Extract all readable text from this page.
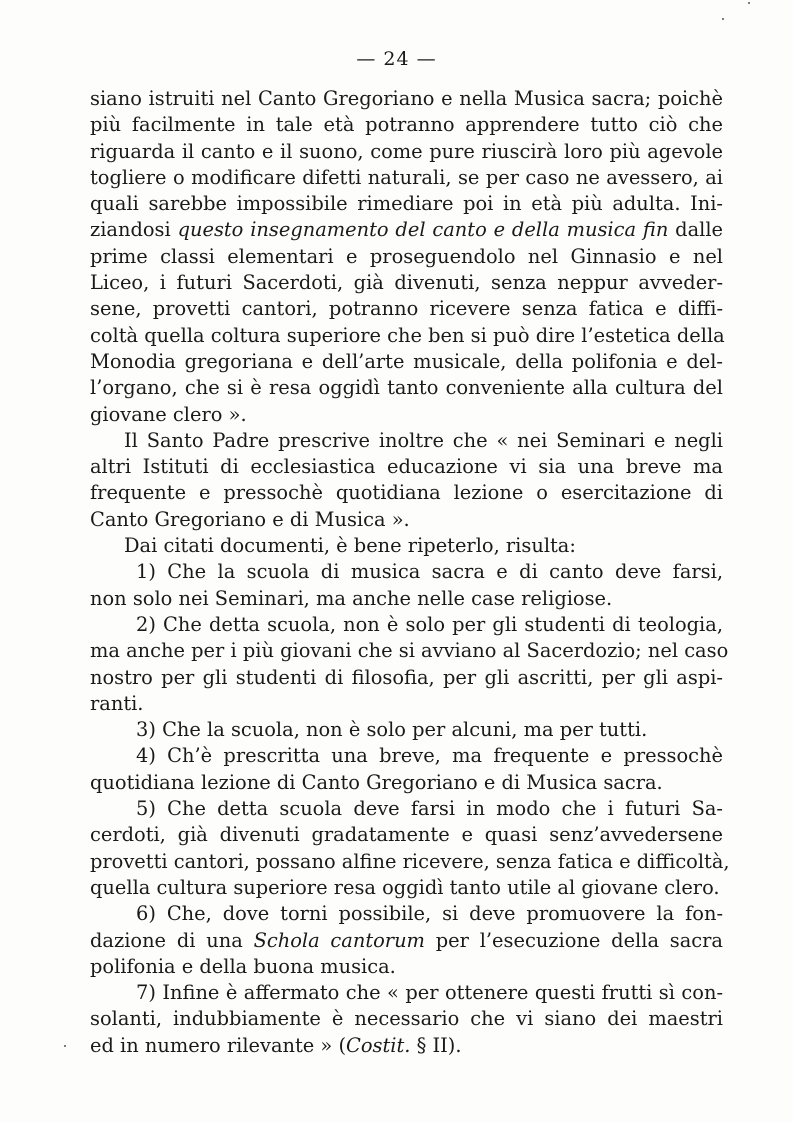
— 24 —
siano istruiti nel Canto Gregoriano e nella Musica sacra; poichè
più facilmente in tale età potranno apprendere tutto ciò che
riguarda il canto e il suono, come pure riuscirà loro più agevole
togliere o modificare difetti naturali, se per caso ne avessero, ai
quali sarebbe impossibile rimediare poi in età più adulta. Ini-
ziandosi questo insegnamento del canto e della musica fin dalle
prime classi elementari e proseguendolo nel Ginnasio e nel
Liceo, i futuri Sacerdoti, già divenuti, senza neppur avveder-
sene, provetti cantori, potranno ricevere senza fatica e diffi-
coltà quella coltura superiore che ben si può dire l’estetica della
Monodia gregoriana e dell’arte musicale, della polifonia e del-
l’organo, che si è resa oggidì tanto conveniente alla cultura del
giovane clero ».
Il Santo Padre prescrive inoltre che « nei Seminari e negli
altri Istituti di ecclesiastica educazione vi sia una breve ma
frequente e pressochè quotidiana lezione o esercitazione di
Canto Gregoriano e di Musica ».
Dai citati documenti, è bene ripeterlo, risulta:
1) Che la scuola di musica sacra e di canto deve farsi,
non solo nei Seminari, ma anche nelle case religiose.
2) Che detta scuola, non è solo per gli studenti di teologia,
ma anche per i più giovani che si avviano al Sacerdozio; nel caso
nostro per gli studenti di filosofia, per gli ascritti, per gli aspi-
ranti.
3) Che la scuola, non è solo per alcuni, ma per tutti.
4) Ch’è prescritta una breve, ma frequente e pressochè
quotidiana lezione di Canto Gregoriano e di Musica sacra.
5) Che detta scuola deve farsi in modo che i futuri Sa-
cerdoti, già divenuti gradatamente e quasi senz’avvedersene
provetti cantori, possano alfine ricevere, senza fatica e difficoltà,
quella cultura superiore resa oggidì tanto utile al giovane clero.
6) Che, dove torni possibile, si deve promuovere la fon-
dazione di una Schola cantorum per l’esecuzione della sacra
polifonia e della buona musica.
7) Infine è affermato che « per ottenere questi frutti sì con-
solanti, indubbiamente è necessario che vi siano dei maestri
ed in numero rilevante » (Costit. § II).
